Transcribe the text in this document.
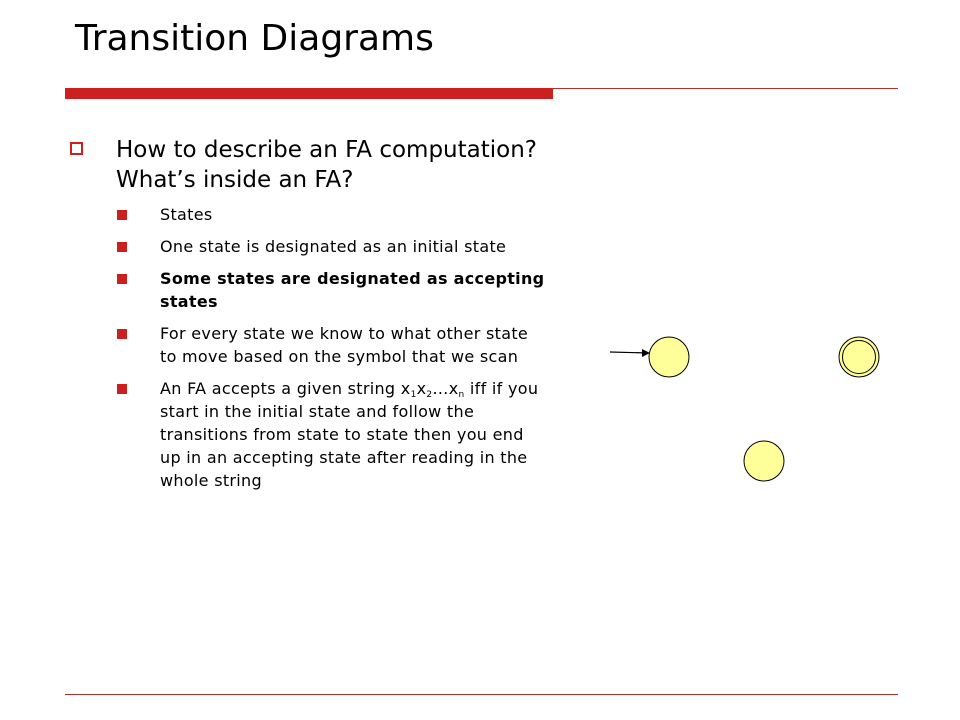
Transition Diagrams
How to describe an FA computation? What’s inside an FA?
States
One state is designated as an initial state
Some states are designated as accepting states
For every state we know to what other state to move based on the symbol that we scan
An FA accepts a given string $x_1x_2\dots x_n$ iff if you start in the initial state and follow the transitions from state to state then you end up in an accepting state after reading in the whole string
